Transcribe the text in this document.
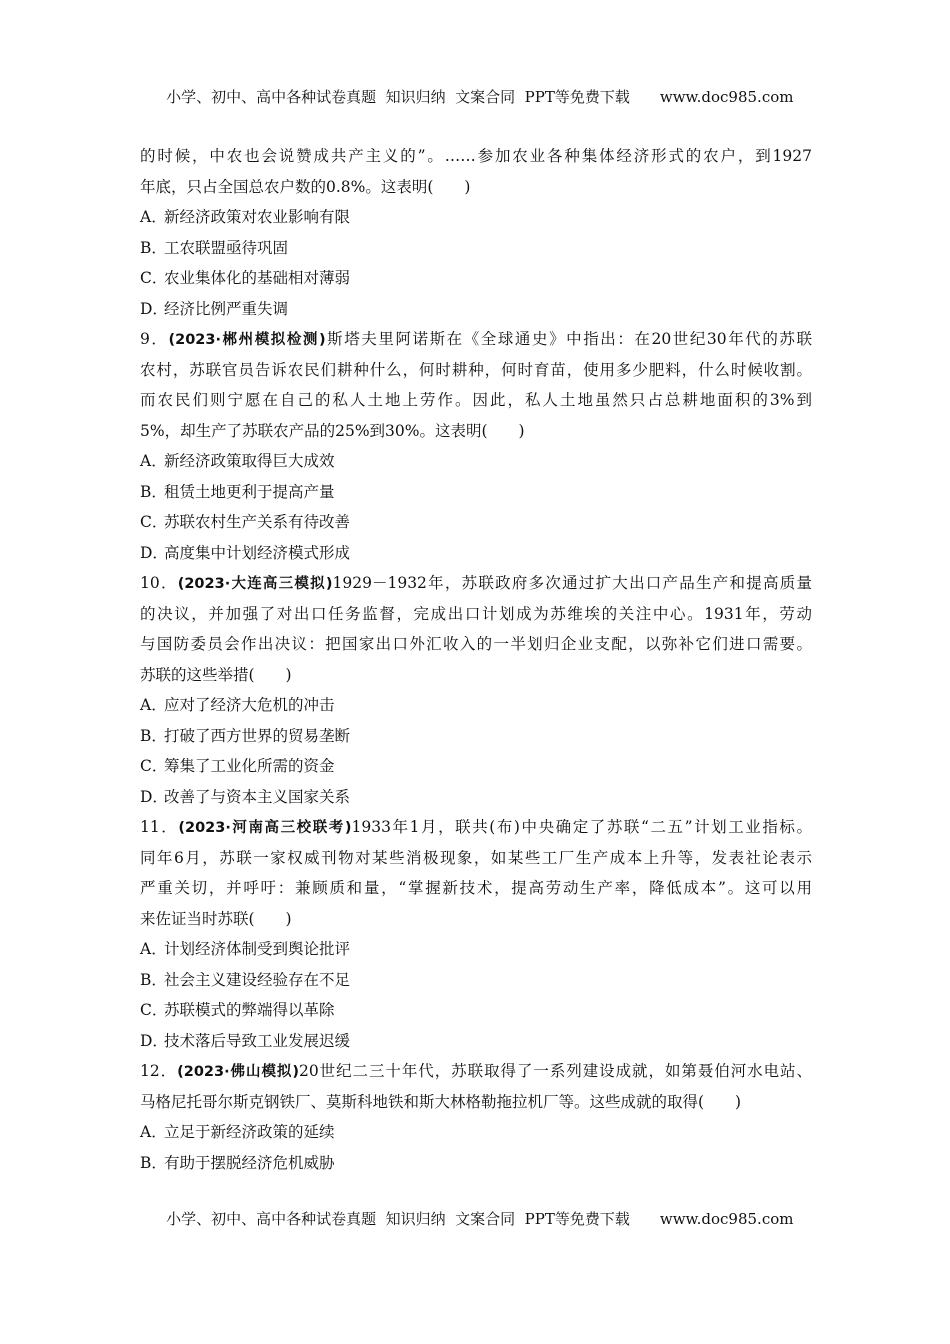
小学、初中、高中各种试卷真题  知识归纳  文案合同  PPT等免费下载 www.doc985.com

的时候，中农也会说赞成共产主义的”。……参加农业各种集体经济形式的农户，到1927
年底，只占全国总农户数的0.8%。这表明(　　)
A．新经济政策对农业影响有限
B．工农联盟亟待巩固
C．农业集体化的基础相对薄弱
D．经济比例严重失调
9．(2023·郴州模拟检测)斯塔夫里阿诺斯在《全球通史》中指出：在20世纪30年代的苏联
农村，苏联官员告诉农民们耕种什么，何时耕种，何时育苗，使用多少肥料，什么时候收割。
而农民们则宁愿在自己的私人土地上劳作。因此，私人土地虽然只占总耕地面积的3%到
5%，却生产了苏联农产品的25%到30%。这表明(　　)
A．新经济政策取得巨大成效
B．租赁土地更利于提高产量
C．苏联农村生产关系有待改善
D．高度集中计划经济模式形成
10．(2023·大连高三模拟)1929－1932年，苏联政府多次通过扩大出口产品生产和提高质量
的决议，并加强了对出口任务监督，完成出口计划成为苏维埃的关注中心。1931年，劳动
与国防委员会作出决议：把国家出口外汇收入的一半划归企业支配，以弥补它们进口需要。
苏联的这些举措(　　)
A．应对了经济大危机的冲击
B．打破了西方世界的贸易垄断
C．筹集了工业化所需的资金
D．改善了与资本主义国家关系
11．(2023·河南高三校联考)1933年1月，联共(布)中央确定了苏联“二五”计划工业指标。
同年6月，苏联一家权威刊物对某些消极现象，如某些工厂生产成本上升等，发表社论表示
严重关切，并呼吁：兼顾质和量，“掌握新技术，提高劳动生产率，降低成本”。这可以用
来佐证当时苏联(　　)
A．计划经济体制受到舆论批评
B．社会主义建设经验存在不足
C．苏联模式的弊端得以革除
D．技术落后导致工业发展迟缓
12．(2023·佛山模拟)20世纪二三十年代，苏联取得了一系列建设成就，如第聂伯河水电站、
马格尼托哥尔斯克钢铁厂、莫斯科地铁和斯大林格勒拖拉机厂等。这些成就的取得(　　)
A．立足于新经济政策的延续
B．有助于摆脱经济危机威胁

小学、初中、高中各种试卷真题  知识归纳  文案合同  PPT等免费下载 www.doc985.com
